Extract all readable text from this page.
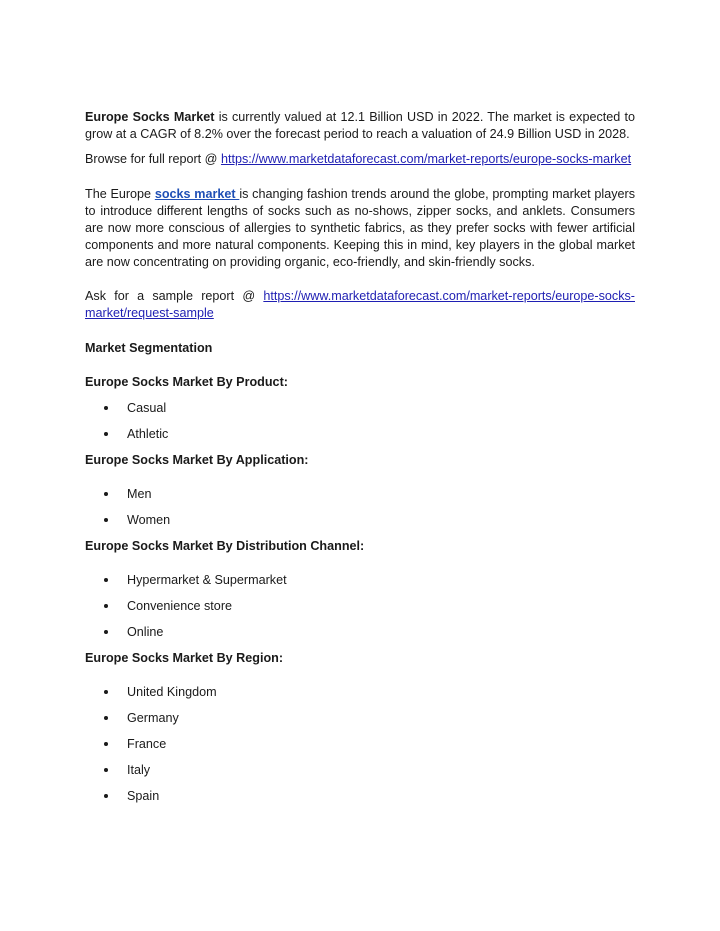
Europe Socks Market is currently valued at 12.1 Billion USD in 2022. The market is expected to grow at a CAGR of 8.2% over the forecast period to reach a valuation of 24.9 Billion USD in 2028.

Browse for full report @ https://www.marketdataforecast.com/market-reports/europe-socks-market

The Europe socks market is changing fashion trends around the globe, prompting market players to introduce different lengths of socks such as no-shows, zipper socks, and anklets. Consumers are now more conscious of allergies to synthetic fabrics, as they prefer socks with fewer artificial components and more natural components. Keeping this in mind, key players in the global market are now concentrating on providing organic, eco-friendly, and skin-friendly socks.

Ask for a sample report @ https://www.marketdataforecast.com/market-reports/europe-socks-market/request-sample

Market Segmentation
Europe Socks Market By Product:
Casual
Athletic
Europe Socks Market By Application:
Men
Women
Europe Socks Market By Distribution Channel:
Hypermarket & Supermarket
Convenience store
Online
Europe Socks Market By Region:
United Kingdom
Germany
France
Italy
Spain
